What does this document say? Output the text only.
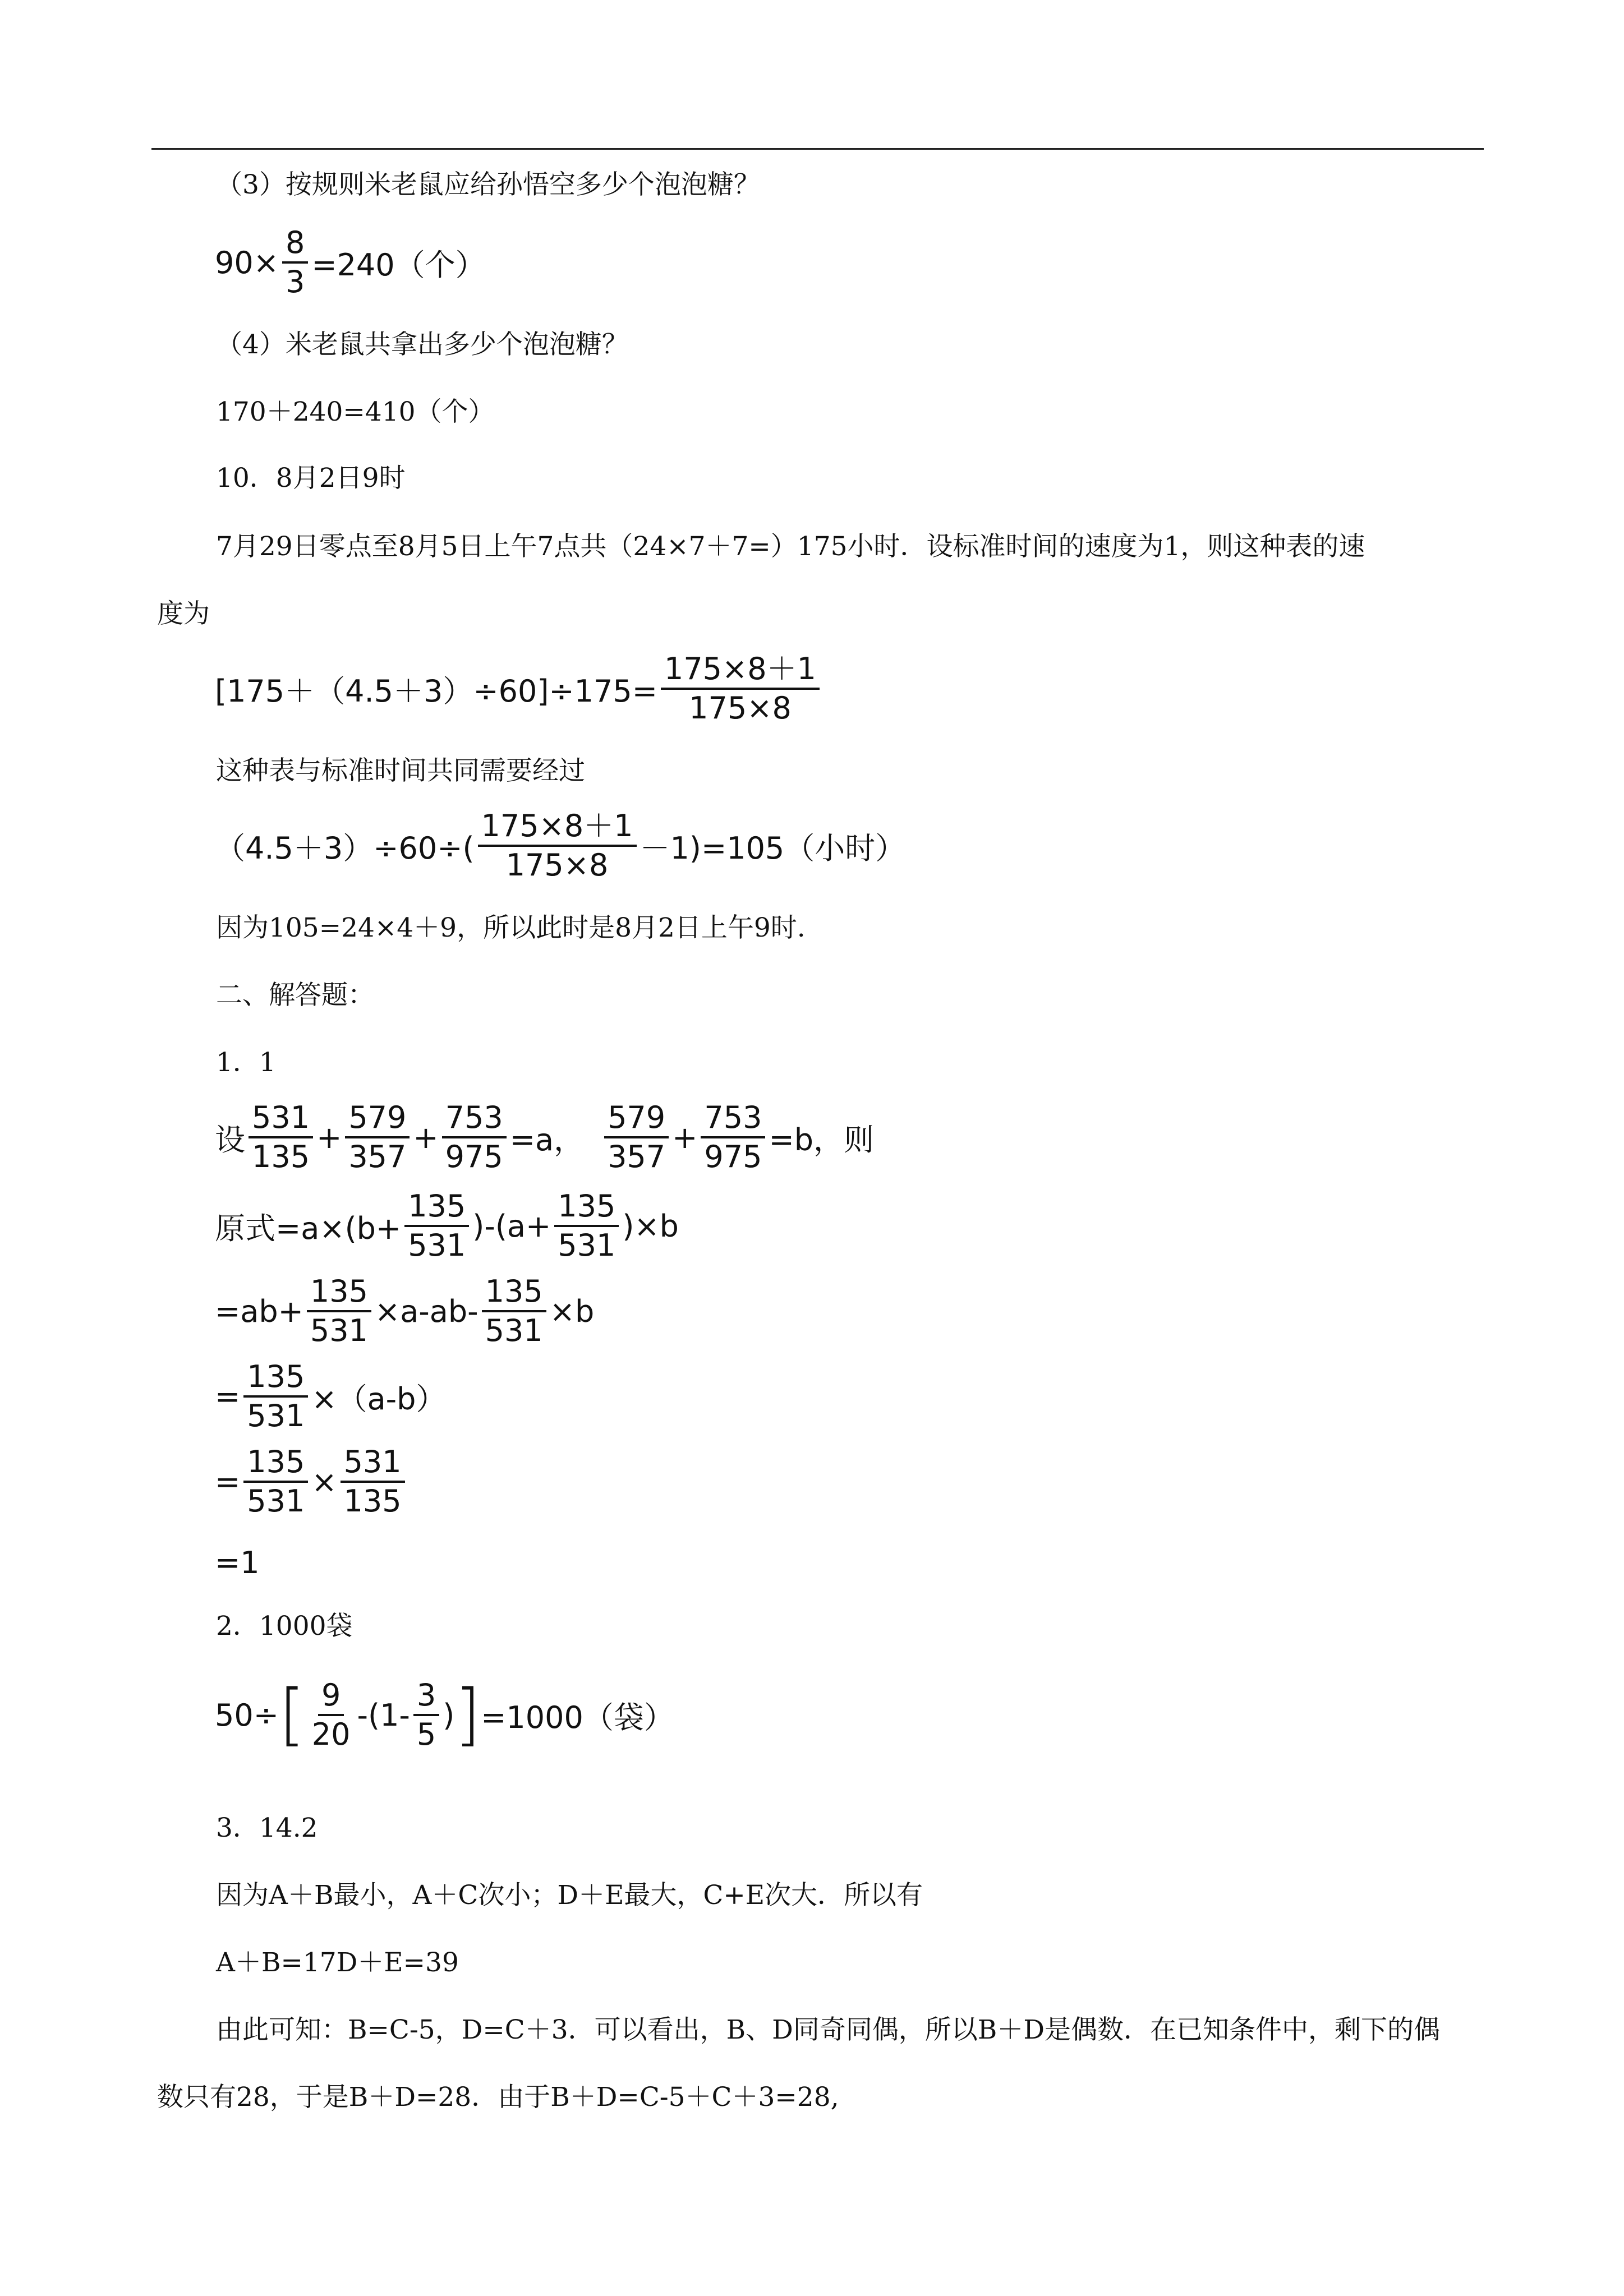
（3）按规则米老鼠应给孙悟空多少个泡泡糖？
$90\times \frac{8}{3} =240$（个）
（4）米老鼠共拿出多少个泡泡糖？
170＋240=410（个）
10．8月2日9时
7月29日零点至8月5日上午7点共（24×7＋7=）175小时．设标准时间的速度为1，则这种表的速
度为
$[175+(4.5+3)\div 60]\div 175= \frac{175\times 8+1}{175\times 8}$
这种表与标准时间共同需要经过
$(4.5+3)\div 60\div( \frac{175\times 8+1}{175\times 8} -1)=105$（小时）
因为105=24×4＋9，所以此时是8月2日上午9时.
二、解答题：
1．1
设 $\frac{531}{135} + \frac{579}{357} + \frac{753}{975} =a$， $\frac{579}{357} + \frac{753}{975} =b$，则
原式$=a\times(b+ \frac{135}{531} )-(a+ \frac{135}{531} )\times b$
$=ab+ \frac{135}{531} \times a-ab- \frac{135}{531} \times b$
= $\frac{135}{531} \times(a-b)$
= $\frac{135}{531} \times \frac{531}{135}$
=1
2．1000袋
50÷ [ $\frac{9}{20} -(1- \frac{3}{5}$ ) ] =1000（袋）
3．14.2
因为A＋B最小，A＋C次小；D＋E最大，C+E次大．所以有
A＋B=17D＋E=39
由此可知：B=C-5，D=C＋3．可以看出，B、D同奇同偶，所以B＋D是偶数．在已知条件中，剩下的偶
数只有28，于是B＋D=28．由于B＋D=C-5＋C＋3=28,
